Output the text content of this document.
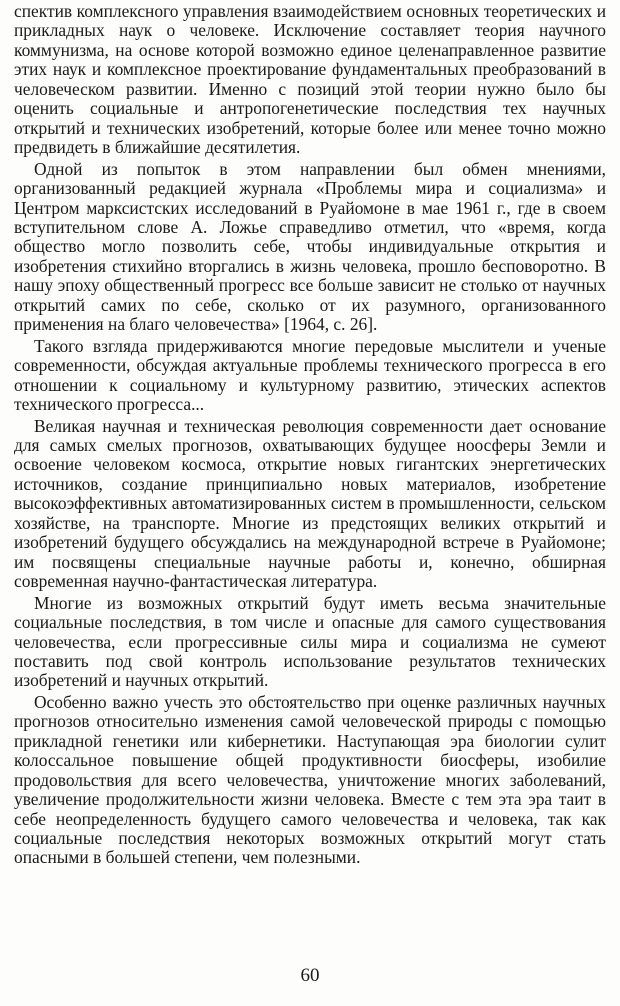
спектив комплексного управления взаимодействием основных теоретических и прикладных наук о человеке. Исключение составляет теория научного коммунизма, на основе которой возможно единое целенаправленное развитие этих наук и комплексное проектирование фундаментальных преобразований в человеческом развитии. Именно с позиций этой теории нужно было бы оценить социальные и антропогенетические последствия тех научных открытий и технических изобретений, которые более или менее точно можно предвидеть в ближайшие десятилетия.

Одной из попыток в этом направлении был обмен мнениями, организованный редакцией журнала «Проблемы мира и социализма» и Центром марксистских исследований в Руайомоне в мае 1961 г., где в своем вступительном слове А. Ложье справедливо отметил, что «время, когда общество могло позволить себе, чтобы индивидуальные открытия и изобретения стихийно вторгались в жизнь человека, прошло бесповоротно. В нашу эпоху общественный прогресс все больше зависит не столько от научных открытий самих по себе, сколько от их разумного, организованного применения на благо человечества» [1964, с. 26].

Такого взгляда придерживаются многие передовые мыслители и ученые современности, обсуждая актуальные проблемы технического прогресса в его отношении к социальному и культурному развитию, этических аспектов технического прогресса...

Великая научная и техническая революция современности дает основание для самых смелых прогнозов, охватывающих будущее ноосферы Земли и освоение человеком космоса, открытие новых гигантских энергетических источников, создание принципиально новых материалов, изобретение высокоэффективных автоматизированных систем в промышленности, сельском хозяйстве, на транспорте. Многие из предстоящих великих открытий и изобретений будущего обсуждались на международной встрече в Руайомоне; им посвящены специальные научные работы и, конечно, обширная современная научно-фантастическая литература.

Многие из возможных открытий будут иметь весьма значительные социальные последствия, в том числе и опасные для самого существования человечества, если прогрессивные силы мира и социализма не сумеют поставить под свой контроль использование результатов технических изобретений и научных открытий.

Особенно важно учесть это обстоятельство при оценке различных научных прогнозов относительно изменения самой человеческой природы с помощью прикладной генетики или кибернетики. Наступающая эра биологии сулит колоссальное повышение общей продуктивности биосферы, изобилие продовольствия для всего человечества, уничтожение многих заболеваний, увеличение продолжительности жизни человека. Вместе с тем эта эра таит в себе неопределенность будущего самого человечества и человека, так как социальные последствия некоторых возможных открытий могут стать опасными в большей степени, чем полезными.

60
